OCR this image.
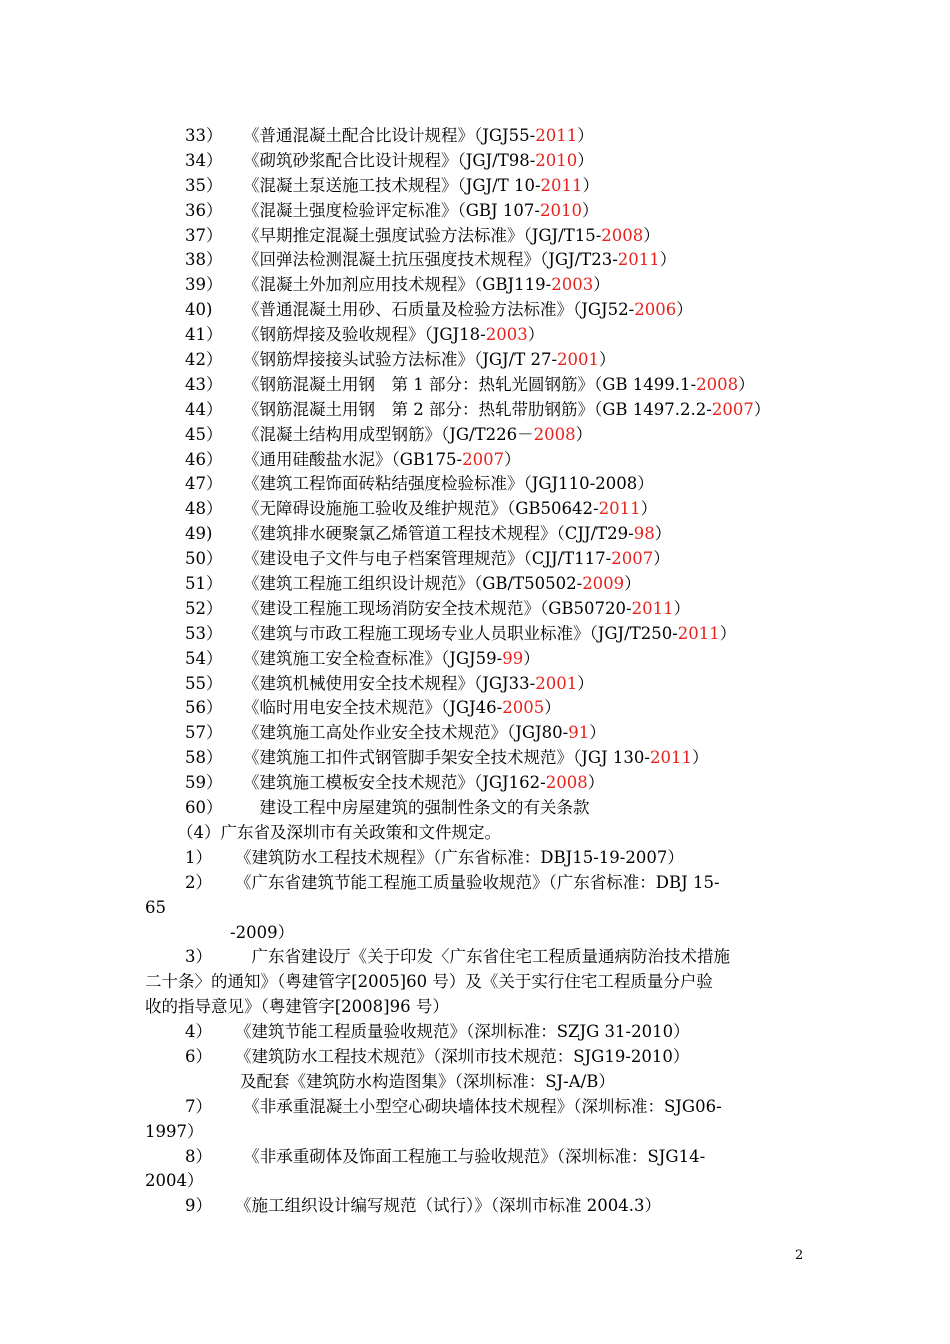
33） 《普通混凝土配合比设计规程》（JGJ55-2011）
34） 《砌筑砂浆配合比设计规程》（JGJ/T98-2010）
35） 《混凝土泵送施工技术规程》（JGJ/T 10-2011）
36） 《混凝土强度检验评定标准》（GBJ 107-2010）
37） 《早期推定混凝土强度试验方法标准》（JGJ/T15-2008）
38） 《回弹法检测混凝土抗压强度技术规程》（JGJ/T23-2011）
39） 《混凝土外加剂应用技术规程》（GBJ119-2003）
40) 《普通混凝土用砂、石质量及检验方法标准》（JGJ52-2006）
41） 《钢筋焊接及验收规程》（JGJ18-2003）
42） 《钢筋焊接接头试验方法标准》（JGJ/T 27-2001）
43） 《钢筋混凝土用钢　第 1 部分：热轧光圆钢筋》（GB 1499.1-2008）
44） 《钢筋混凝土用钢　第 2 部分：热轧带肋钢筋》（GB 1497.2.2-2007）
45） 《混凝土结构用成型钢筋》（JG/T226－2008）
46） 《通用硅酸盐水泥》（GB175-2007）
47） 《建筑工程饰面砖粘结强度检验标准》（JGJ110-2008）
48） 《无障碍设施施工验收及维护规范》（GB50642-2011）
49) 《建筑排水硬聚氯乙烯管道工程技术规程》（CJJ/T29-98）
50） 《建设电子文件与电子档案管理规范》（CJJ/T117-2007）
51） 《建筑工程施工组织设计规范》（GB/T50502-2009）
52） 《建设工程施工现场消防安全技术规范》（GB50720-2011）
53） 《建筑与市政工程施工现场专业人员职业标准》（JGJ/T250-2011）
54） 《建筑施工安全检查标准》（JGJ59-99）
55） 《建筑机械使用安全技术规程》（JGJ33-2001）
56） 《临时用电安全技术规范》（JGJ46-2005）
57） 《建筑施工高处作业安全技术规范》（JGJ80-91）
58） 《建筑施工扣件式钢管脚手架安全技术规范》（JGJ 130-2011）
59） 《建筑施工模板安全技术规范》（JGJ162-2008）
60）　建设工程中房屋建筑的强制性条文的有关条款
（4）广东省及深圳市有关政策和文件规定。
1） 《建筑防水工程技术规程》（广东省标准：DBJ15-19-2007）
2） 《广东省建筑节能工程施工质量验收规范》（广东省标准：DBJ 15-
65
-2009）
3）　广东省建设厅《关于印发〈广东省住宅工程质量通病防治技术措施
二十条〉的通知》（粤建管字[2005]60 号）及《关于实行住宅工程质量分户验
收的指导意见》（粤建管字[2008]96 号）
4） 《建筑节能工程质量验收规范》（深圳标准：SZJG 31-2010）
6） 《建筑防水工程技术规范》（深圳市技术规范：SJG19-2010）
及配套《建筑防水构造图集》（深圳标准：SJ-A/B）
7）　《非承重混凝土小型空心砌块墙体技术规程》（深圳标准：SJG06-
1997）
8）　《非承重砌体及饰面工程施工与验收规范》（深圳标准：SJG14-
2004）
9） 《施工组织设计编写规范（试行）》（深圳市标准 2004.3）
2
